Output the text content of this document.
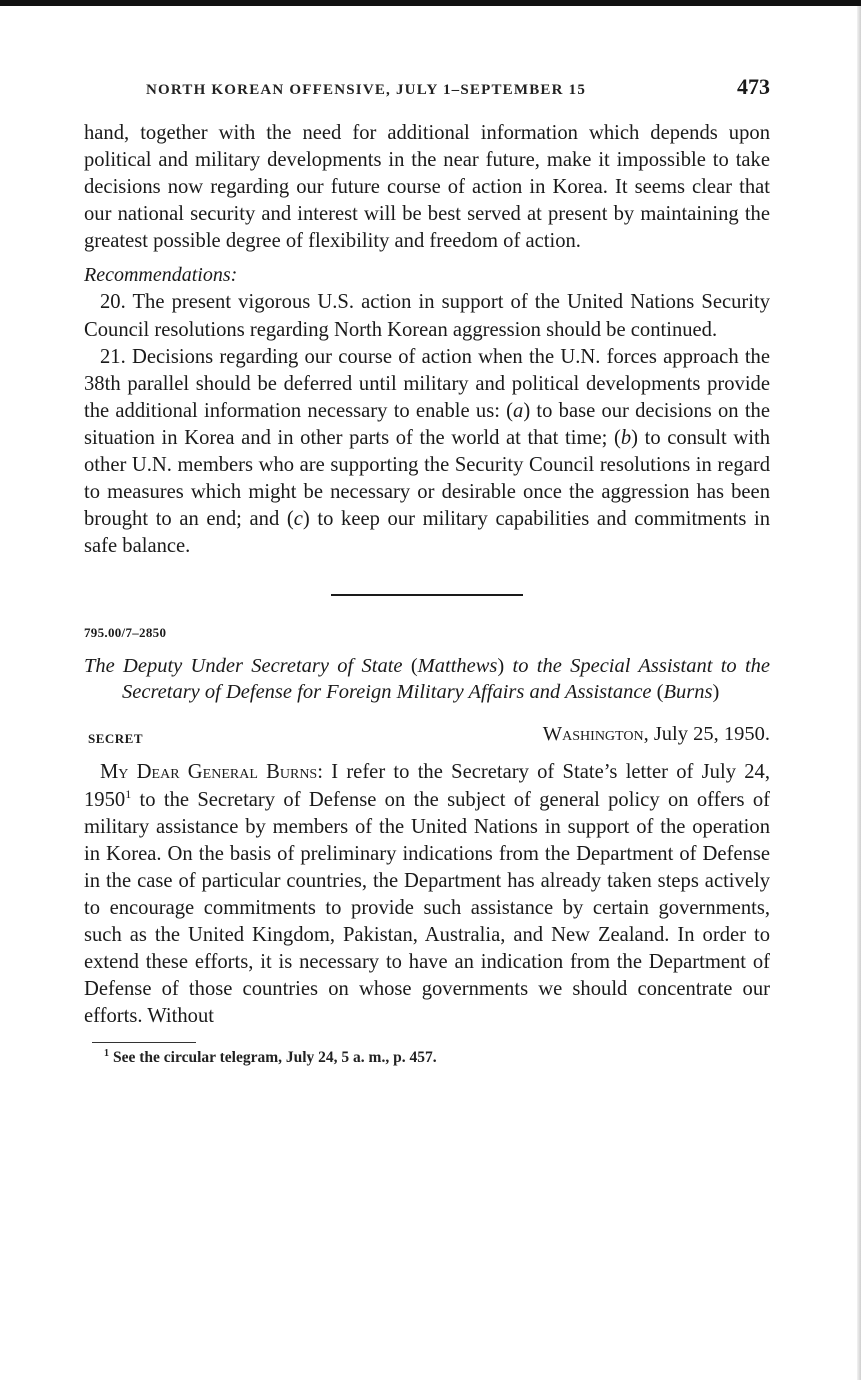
NORTH KOREAN OFFENSIVE, JULY 1–SEPTEMBER 15	473

hand, together with the need for additional information which depends upon political and military developments in the near future, make it impossible to take decisions now regarding our future course of action in Korea. It seems clear that our national security and interest will be best served at present by maintaining the greatest possible degree of flexibility and freedom of action.

Recommendations:

20. The present vigorous U.S. action in support of the United Nations Security Council resolutions regarding North Korean aggression should be continued.

21. Decisions regarding our course of action when the U.N. forces approach the 38th parallel should be deferred until military and political developments provide the additional information necessary to enable us: (a) to base our decisions on the situation in Korea and in other parts of the world at that time; (b) to consult with other U.N. members who are supporting the Security Council resolutions in regard to measures which might be necessary or desirable once the aggression has been brought to an end; and (c) to keep our military capabilities and commitments in safe balance.

795.00/7–2850

The Deputy Under Secretary of State (Matthews) to the Special Assistant to the Secretary of Defense for Foreign Military Affairs and Assistance (Burns)

SECRET	Washington, July 25, 1950.

My Dear General Burns: I refer to the Secretary of State’s letter of July 24, 1950$^1$ to the Secretary of Defense on the subject of general policy on offers of military assistance by members of the United Nations in support of the operation in Korea. On the basis of preliminary indications from the Department of Defense in the case of particular countries, the Department has already taken steps actively to encourage commitments to provide such assistance by certain governments, such as the United Kingdom, Pakistan, Australia, and New Zealand. In order to extend these efforts, it is necessary to have an indication from the Department of Defense of those countries on whose governments we should concentrate our efforts. Without

$^1$ See the circular telegram, July 24, 5 a. m., p. 457.
